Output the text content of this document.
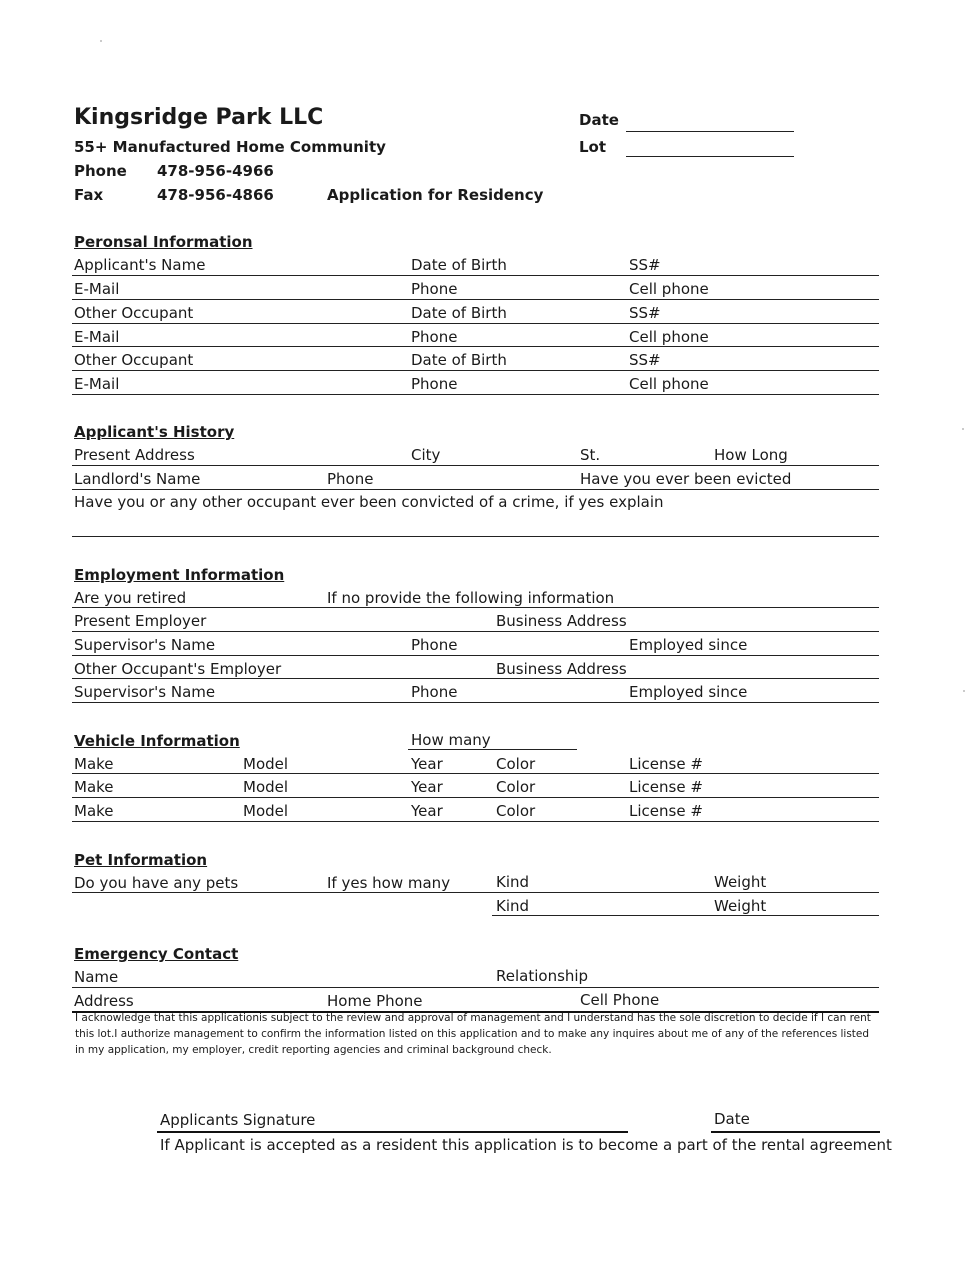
Kingsridge Park LLC
55+ Manufactured Home Community
Phone 478-956-4966
Fax	478-956-4866	Application for Residency
Date
Lot
Peronsal Information
Applicant's Name	Date of Birth	SS#
E-Mail	Phone	Cell phone
Other Occupant	Date of Birth	SS#
E-Mail	Phone	Cell phone
Other Occupant	Date of Birth	SS#
E-Mail	Phone	Cell phone
Applicant's History
Present Address	City	St.	How Long
Landlord's Name	Phone	Have you ever been evicted
Have you or any other occupant ever been convicted of a crime, if yes explain
Employment Information
Are you retired	If no provide the following information
Present Employer	Business Address
Supervisor's Name	Phone	Employed since
Other Occupant's Employer	Business Address
Supervisor's Name	Phone	Employed since
Vehicle Information	How many
Make	Model	Year	Color	License #
Make	Model	Year	Color	License #
Make	Model	Year	Color	License #
Pet Information
Do you have any pets	If yes how many	Kind	Weight
Kind	Weight
Emergency Contact
Name	Relationship
Address	Home Phone	Cell Phone
I acknowledge that this applicationis subject to the review and approval of management and I understand has the sole discretion to decide if I can rent
this lot.I authorize management to confirm the information listed on this application and to make any inquires about me of any of the references listed
in my application, my employer, credit reporting agencies and criminal background check.
Applicants Signature	Date
If Applicant is accepted as a resident this application is to become a part of the rental agreement
